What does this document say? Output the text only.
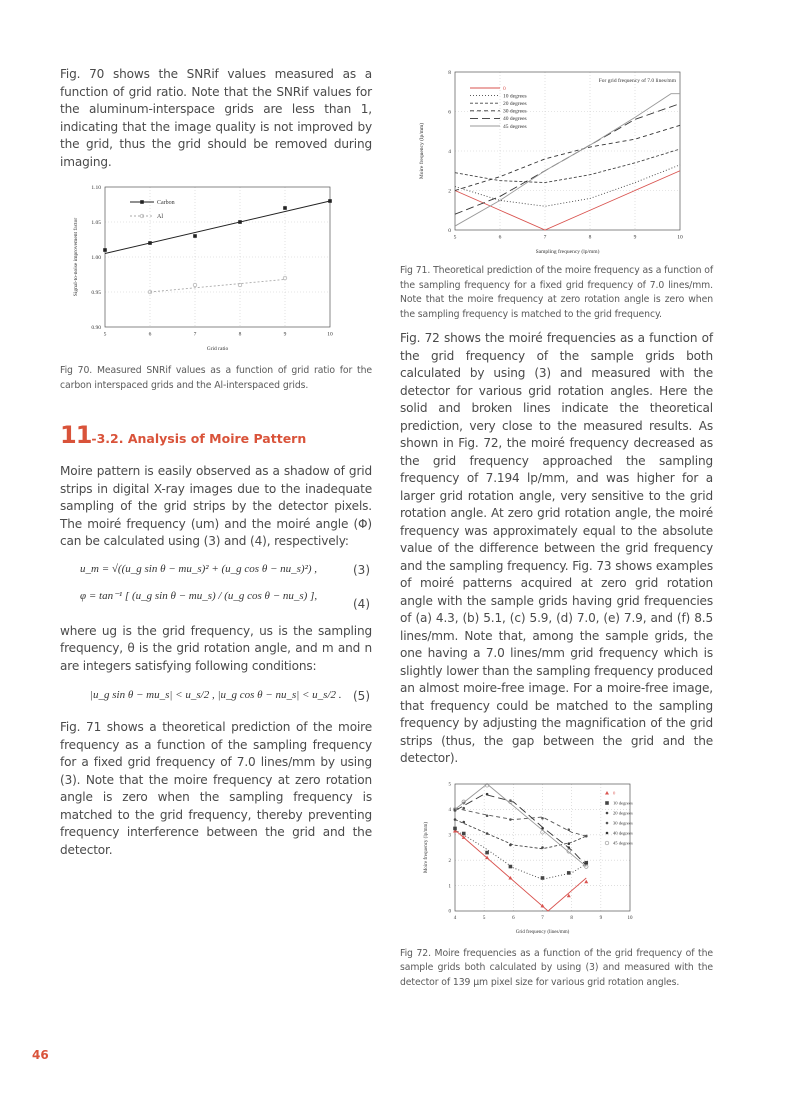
Fig. 70 shows the SNRif values measured as a function of grid ratio. Note that the SNRif values for the aluminum-interspace grids are less than 1, indicating that the image quality is not improved by the grid, thus the grid should be removed during imaging.

5	6	7	8	9	10
0.90
0.95
1.00
1.05
1.10
Grid ratio
Signal-to-noise improvement factor
Carbon
Al

Fig 70. Measured SNRif values as a function of grid ratio for the carbon interspaced grids and the Al-interspaced grids.

11-3.2. Analysis of Moire Pattern

Moire pattern is easily observed as a shadow of grid strips in digital X-ray images due to the inadequate sampling of the grid strips by the detector pixels. The moiré frequency (um) and the moiré angle (Φ) can be calculated using (3) and (4), respectively:

u_m = √((u_g sin θ − mu_s)² + (u_g cos θ − nu_s)²) ,	(3)
φ = tan⁻¹ [ (u_g sin θ − mu_s) / (u_g cos θ − nu_s) ],
(4)

where ug is the grid frequency, us is the sampling frequency, θ is the grid rotation angle, and m and n are integers satisfying following conditions:

|u_g sin θ − mu_s| < u_s/2 , |u_g cos θ − nu_s| < u_s/2 . (5)

Fig. 71 shows a theoretical prediction of the moire frequency as a function of the sampling frequency for a fixed grid frequency of 7.0 lines/mm by using (3). Note that the moire frequency at zero rotation angle is zero when the sampling frequency is matched to the grid frequency, thereby preventing frequency interference between the grid and the detector.

5	6	7	8	9	10
0
2
4
6
8
Sampling frequency (lp/mm)
Moire frequency (lp/mm)
For grid frequency of 7.0 lines/mm
0
10 degrees
20 degrees
30 degrees
40 degrees
45 degrees

Fig 71. Theoretical prediction of the moire frequency as a function of the sampling frequency for a fixed grid frequency of 7.0 lines/mm. Note that the moire frequency at zero rotation angle is zero when the sampling frequency is matched to the grid frequency.

Fig. 72 shows the moiré frequencies as a function of the grid frequency of the sample grids both calculated by using (3) and measured with the detector for various grid rotation angles. Here the solid and broken lines indicate the theoretical prediction, very close to the measured results. As shown in Fig. 72, the moiré frequency decreased as the grid frequency approached the sampling frequency of 7.194 lp/mm, and was higher for a larger grid rotation angle, very sensitive to the grid rotation angle. At zero grid rotation angle, the moiré frequency was approximately equal to the absolute value of the difference between the grid frequency and the sampling frequency. Fig. 73 shows examples of moiré patterns acquired at zero grid rotation angle with the sample grids having grid frequencies of (a) 4.3, (b) 5.1, (c) 5.9, (d) 7.0, (e) 7.9, and (f) 8.5 lines/mm. Note that, among the sample grids, the one having a 7.0 lines/mm grid frequency which is slightly lower than the sampling frequency produced an almost moire-free image. For a moire-free image, that frequency could be matched to the sampling frequency by adjusting the magnification of the grid strips (thus, the gap between the grid and the detector).

4	5	6	7	8	9	10
0
1
2
3
4
5
Grid frequency (lines/mm)
Moire frequency (lp/mm)
0
10 degrees
20 degrees
30 degrees
40 degrees
45 degrees

Fig 72. Moire frequencies as a function of the grid frequency of the sample grids both calculated by using (3) and measured with the detector of 139 μm pixel size for various grid rotation angles.

46
